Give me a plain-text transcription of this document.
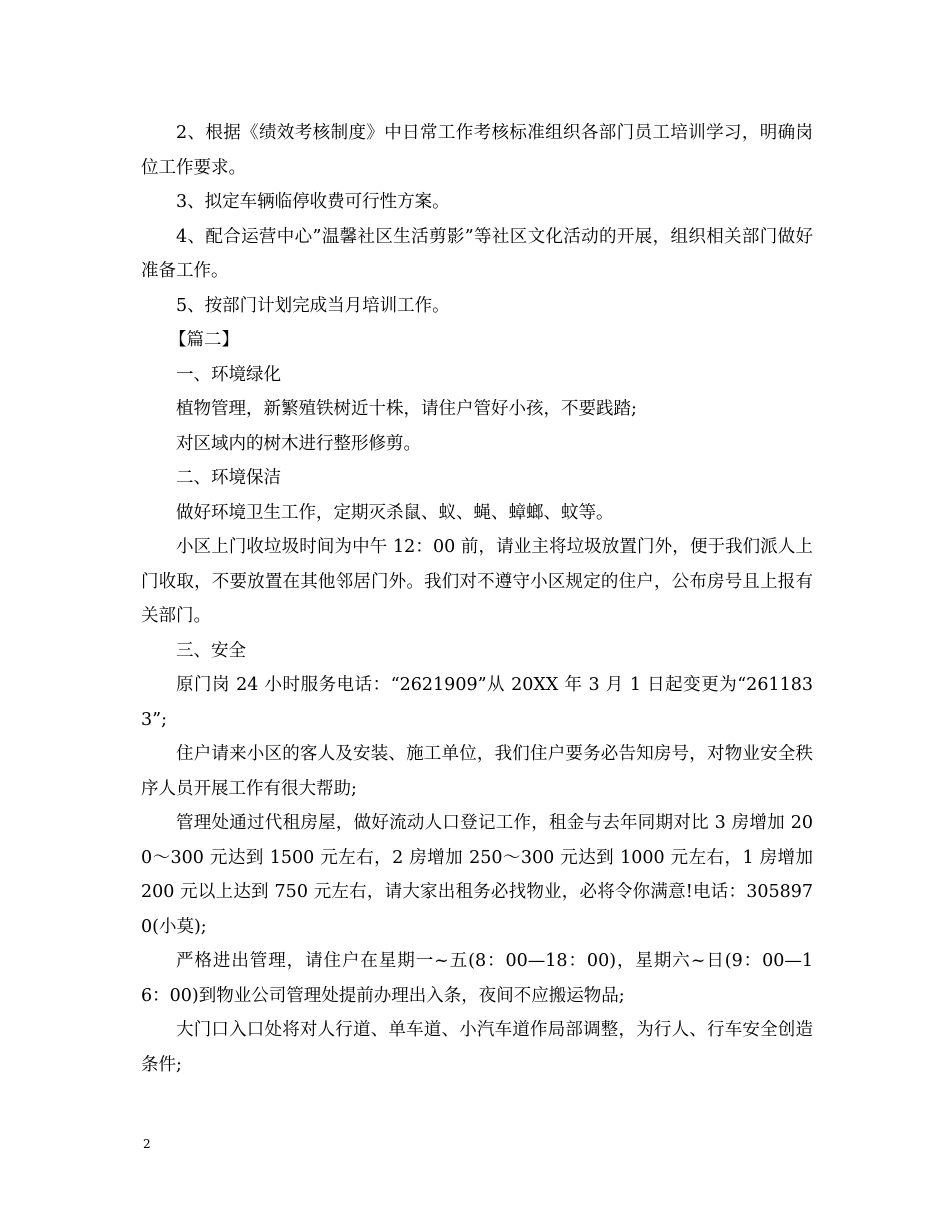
2、根据《绩效考核制度》中日常工作考核标准组织各部门员工培训学习，明确岗位工作要求。

3、拟定车辆临停收费可行性方案。

4、配合运营中心”温馨社区生活剪影”等社区文化活动的开展，组织相关部门做好准备工作。

5、按部门计划完成当月培训工作。

【篇二】

一、环境绿化

植物管理，新繁殖铁树近十株，请住户管好小孩，不要践踏;

对区域内的树木进行整形修剪。

二、环境保洁

做好环境卫生工作，定期灭杀鼠、蚁、蝇、蟑螂、蚊等。

小区上门收垃圾时间为中午 12：00 前，请业主将垃圾放置门外，便于我们派人上门收取，不要放置在其他邻居门外。我们对不遵守小区规定的住户，公布房号且上报有关部门。

三、安全

原门岗 24 小时服务电话：“2621909”从 20XX 年 3 月 1 日起变更为“2611833”;

住户请来小区的客人及安装、施工单位，我们住户要务必告知房号，对物业安全秩序人员开展工作有很大帮助;

管理处通过代租房屋，做好流动人口登记工作，租金与去年同期对比 3 房增加 200～300 元达到 1500 元左右，2 房增加 250～300 元达到 1000 元左右，1 房增加 200 元以上达到 750 元左右，请大家出租务必找物业，必将令你满意!电话：3058970(小莫);

严格进出管理，请住户在星期一~五(8：00—18：00)，星期六~日(9：00—16：00)到物业公司管理处提前办理出入条，夜间不应搬运物品;

大门口入口处将对人行道、单车道、小汽车道作局部调整，为行人、行车安全创造条件;

2
